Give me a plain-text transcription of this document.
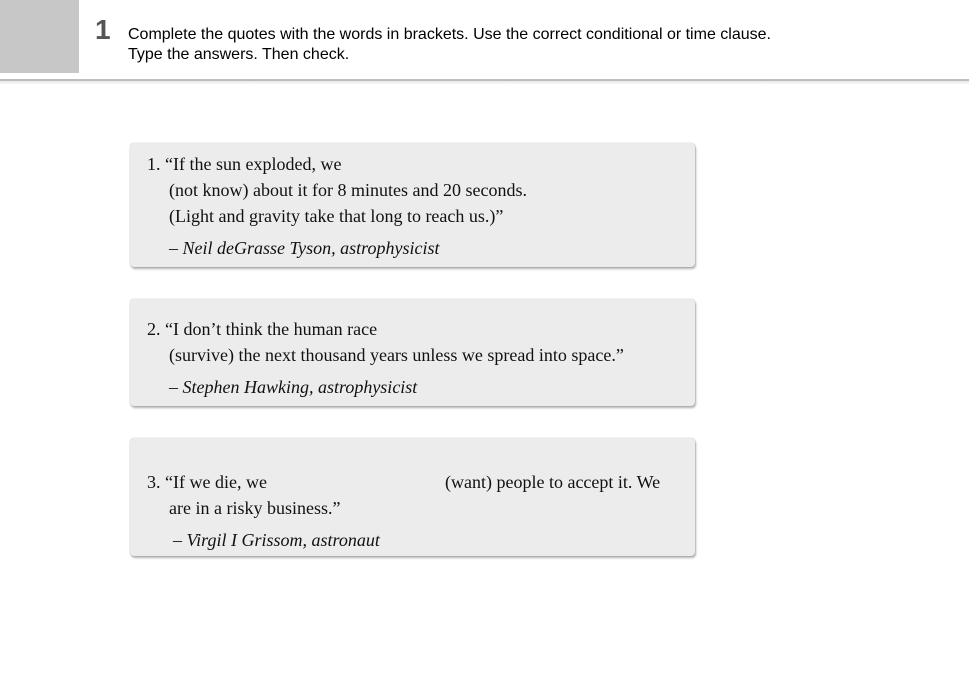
1 Complete the quotes with the words in brackets. Use the correct conditional or time clause.
Type the answers. Then check.
1. “If the sun exploded, we
(not know) about it for 8 minutes and 20 seconds.
(Light and gravity take that long to reach us.)”
– Neil deGrasse Tyson, astrophysicist
2. “I don’t think the human race
(survive) the next thousand years unless we spread into space.”
– Stephen Hawking, astrophysicist
3. “If we die, we	(want) people to accept it. We
are in a risky business.”
– Virgil I Grissom, astronaut
